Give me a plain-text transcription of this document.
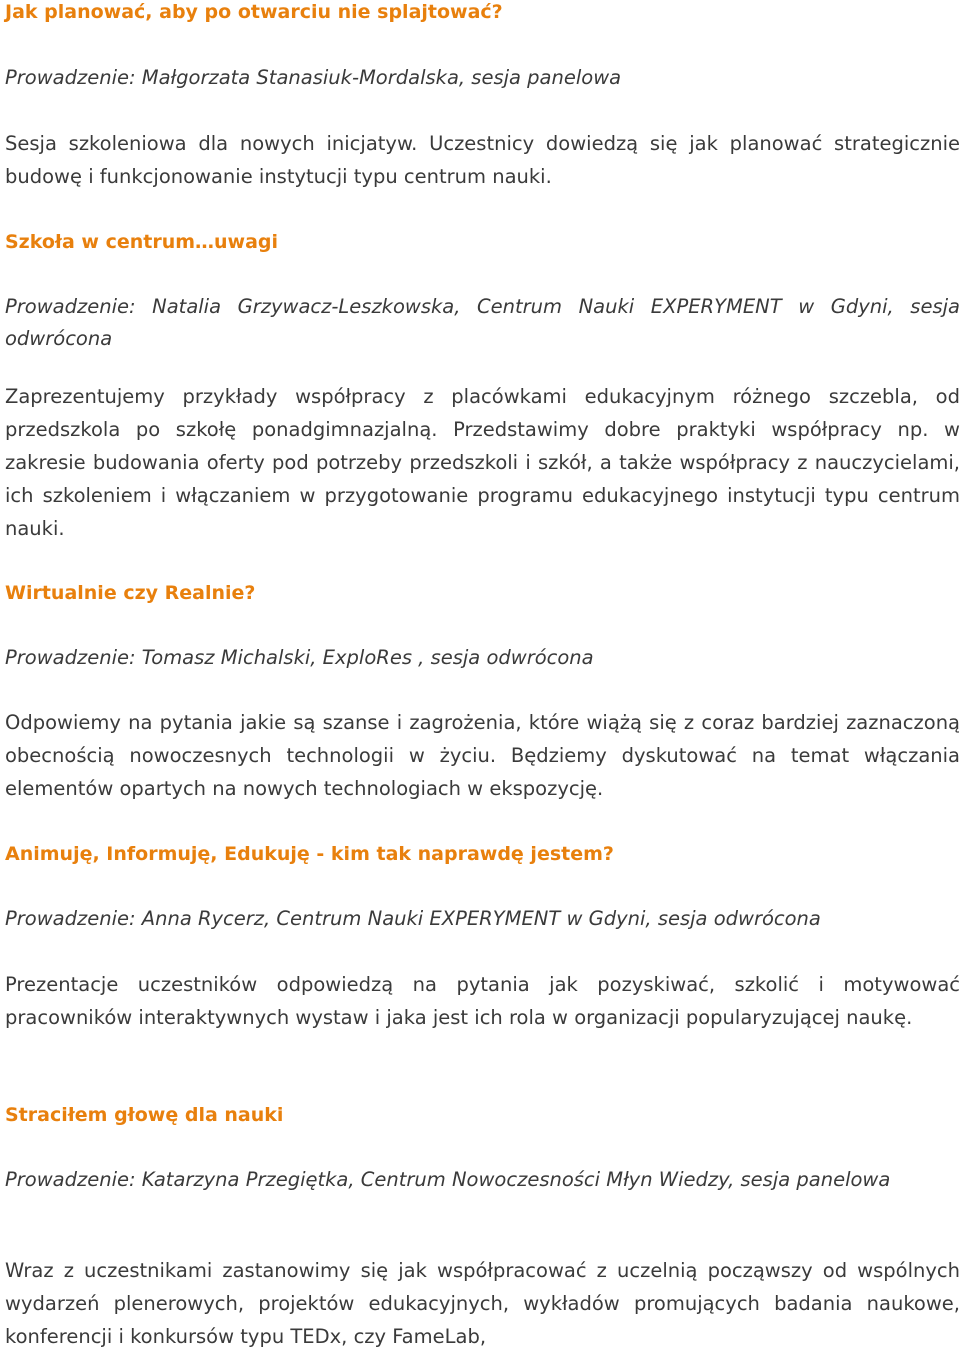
Jak planować, aby po otwarciu nie splajtować?

Prowadzenie: Małgorzata Stanasiuk-Mordalska, sesja panelowa

Sesja szkoleniowa dla nowych inicjatyw. Uczestnicy dowiedzą się jak planować strategicznie budowę i funkcjonowanie instytucji typu centrum nauki.

Szkoła w centrum…uwagi

Prowadzenie: Natalia Grzywacz-Leszkowska, Centrum Nauki EXPERYMENT w Gdyni, sesja odwrócona

Zaprezentujemy przykłady współpracy z placówkami edukacyjnym różnego szczebla, od przedszkola po szkołę ponadgimnazjalną. Przedstawimy dobre praktyki współpracy np. w zakresie budowania oferty pod potrzeby przedszkoli i szkół, a także współpracy z nauczycielami, ich szkoleniem i włączaniem w przygotowanie programu edukacyjnego instytucji typu centrum nauki.

Wirtualnie czy Realnie?

Prowadzenie: Tomasz Michalski, ExploRes , sesja odwrócona

Odpowiemy na pytania jakie są szanse i zagrożenia, które wiążą się z coraz bardziej zaznaczoną obecnością nowoczesnych technologii w życiu. Będziemy dyskutować na temat włączania elementów opartych na nowych technologiach w ekspozycję.

Animuję, Informuję, Edukuję - kim tak naprawdę jestem?

Prowadzenie: Anna Rycerz, Centrum Nauki EXPERYMENT w Gdyni, sesja odwrócona

Prezentacje uczestników odpowiedzą na pytania jak pozyskiwać, szkolić i motywować pracowników interaktywnych wystaw i jaka jest ich rola w organizacji popularyzującej naukę.

Straciłem głowę dla nauki

Prowadzenie: Katarzyna Przegiętka, Centrum Nowoczesności Młyn Wiedzy, sesja panelowa

Wraz z uczestnikami zastanowimy się jak współpracować z uczelnią począwszy od wspólnych wydarzeń plenerowych, projektów edukacyjnych, wykładów promujących badania naukowe, konferencji i konkursów typu TEDx, czy FameLab,
